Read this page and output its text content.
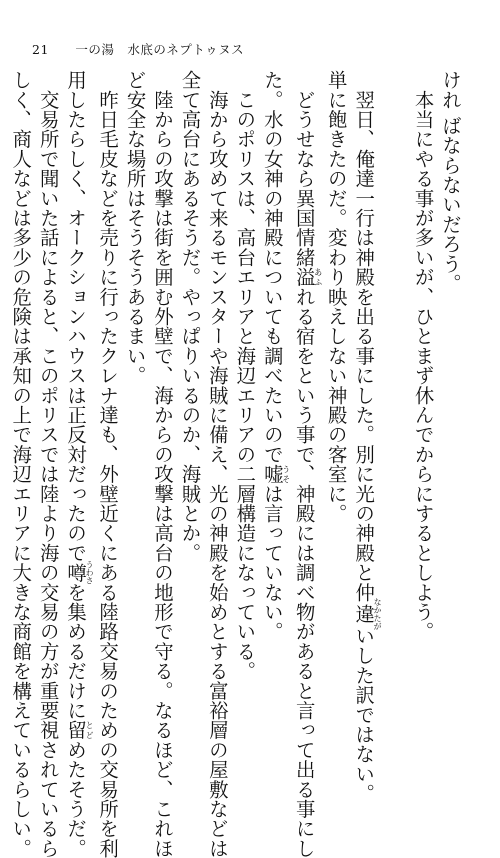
21 一の湯　水底のネプトゥヌス
けれ ばならないだろう。
　本当にやる事が多いが、ひとまず休んでからにするとしよう。

　翌日、俺達一行は神殿を出る事にした。別に光の神殿と仲違なかたがいした訳ではない。
単に飽きたのだ。変わり映えしない神殿の客室に。
　どうせなら異国情緒溢あふれる宿をという事で、神殿には調べ物があると言って出る事にし
た。水の女神の神殿についても調べたいので嘘うそは言っていない。
　このポリスは、高台エリアと海辺エリアの二層構造になっている。
　海から攻めて来るモンスターや海賊に備え、光の神殿を始めとする富裕層の屋敷などは
全て高台にあるそうだ。やっぱりいるのか、海賊とか。
　陸からの攻撃は街を囲む外壁で、海からの攻撃は高台の地形で守る。なるほど、これほ
ど安全な場所はそうそうあるまい。
　昨日毛皮などを売りに行ったクレナ達も、外壁近くにある陸路交易のための交易所を利
用したらしく、オークションハウスは正反対だったので噂うわさを集めるだけに留とどめたそうだ。
　交易所で聞いた話によると、このポリスでは陸より海の交易の方が重要視されているら
しく、商人などは多少の危険は承知の上で海辺エリアに大きな商館を構えているらしい。
